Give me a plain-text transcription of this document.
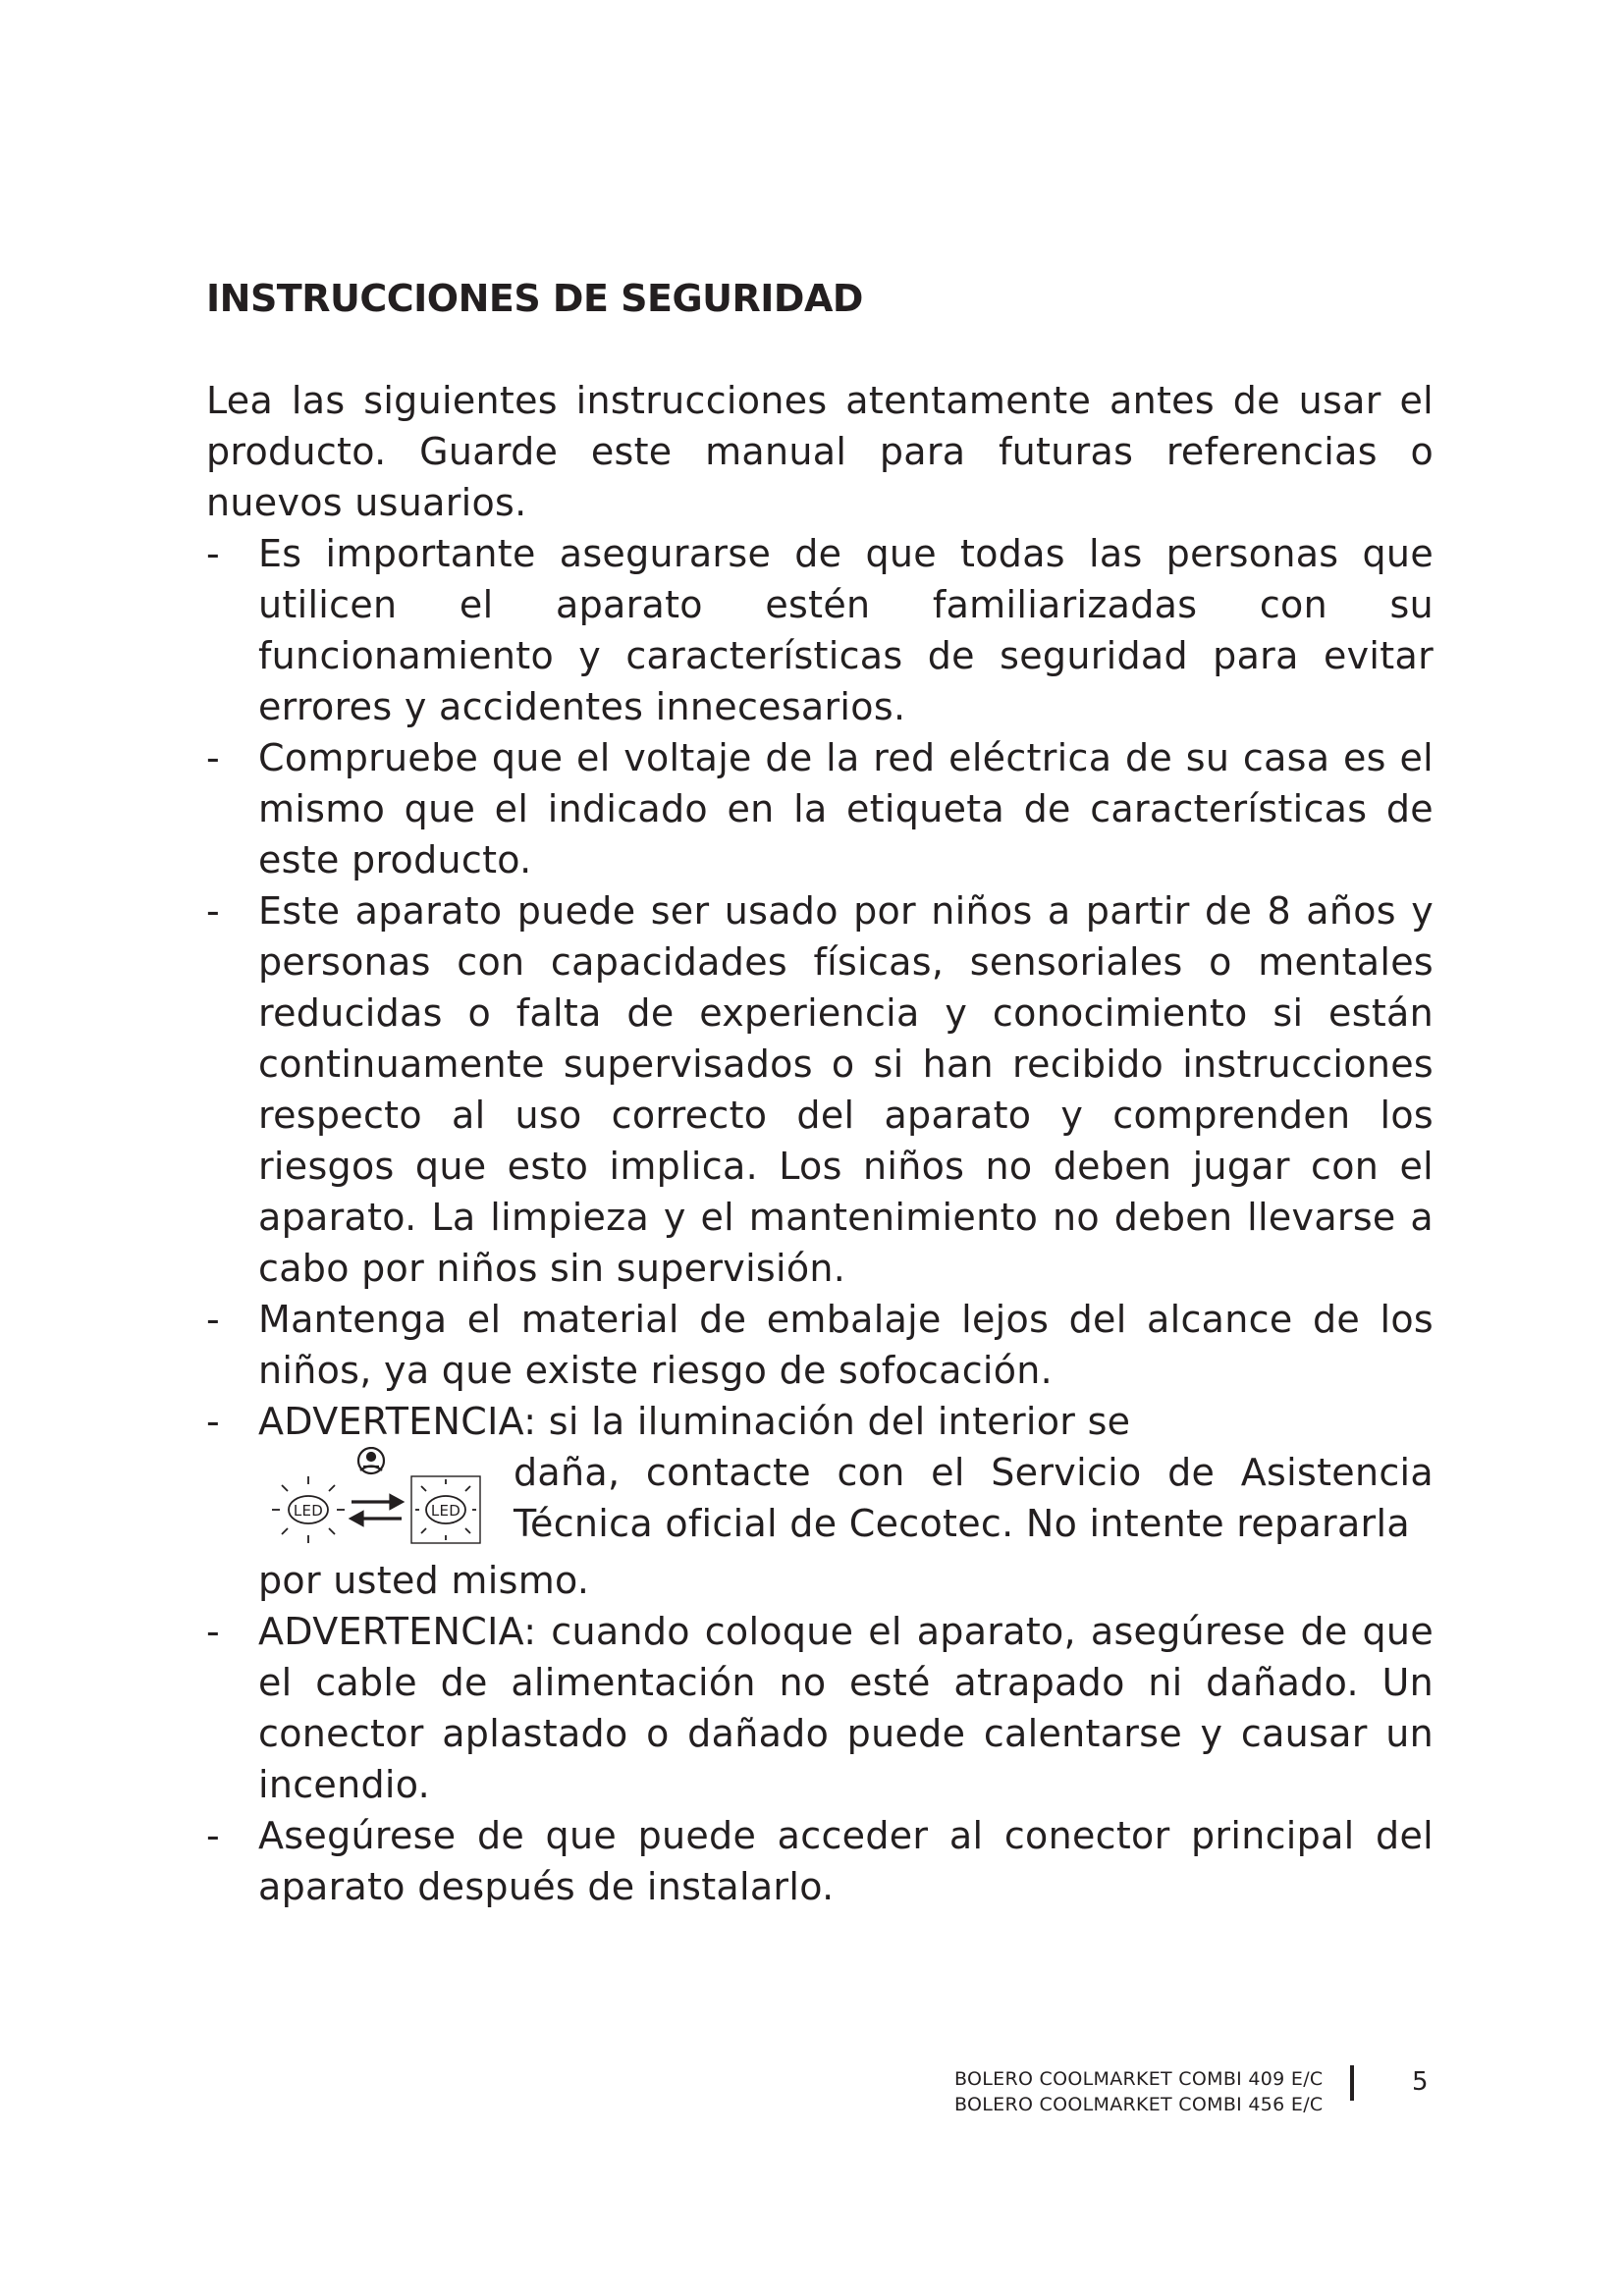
INSTRUCCIONES DE SEGURIDAD

Lea las siguientes instrucciones atentamente antes de usar el producto. Guarde este manual para futuras referencias o nuevos usuarios.

- Es importante asegurarse de que todas las personas que utilicen el aparato estén familiarizadas con su funcionamiento y características de seguridad para evitar errores y accidentes innecesarios.
- Compruebe que el voltaje de la red eléctrica de su casa es el mismo que el indicado en la etiqueta de características de este producto.
- Este aparato puede ser usado por niños a partir de 8 años y personas con capacidades físicas, sensoriales o mentales reducidas o falta de experiencia y conocimiento si están continuamente supervisados o si han recibido instrucciones respecto al uso correcto del aparato y comprenden los riesgos que esto implica. Los niños no deben jugar con el aparato. La limpieza y el mantenimiento no deben llevarse a cabo por niños sin supervisión.
- Mantenga el material de embalaje lejos del alcance de los niños, ya que existe riesgo de sofocación.
- ADVERTENCIA: si la iluminación del interior se
LED	LED
daña, contacte con el Servicio de Asistencia Técnica oficial de Cecotec. No intente repararla
por usted mismo.
- ADVERTENCIA: cuando coloque el aparato, asegúrese de que el cable de alimentación no esté atrapado ni dañado. Un conector aplastado o dañado puede calentarse y causar un incendio.
- Asegúrese de que puede acceder al conector principal del aparato después de instalarlo.
BOLERO COOLMARKET COMBI 409 E/C
BOLERO COOLMARKET COMBI 456 E/C
5
